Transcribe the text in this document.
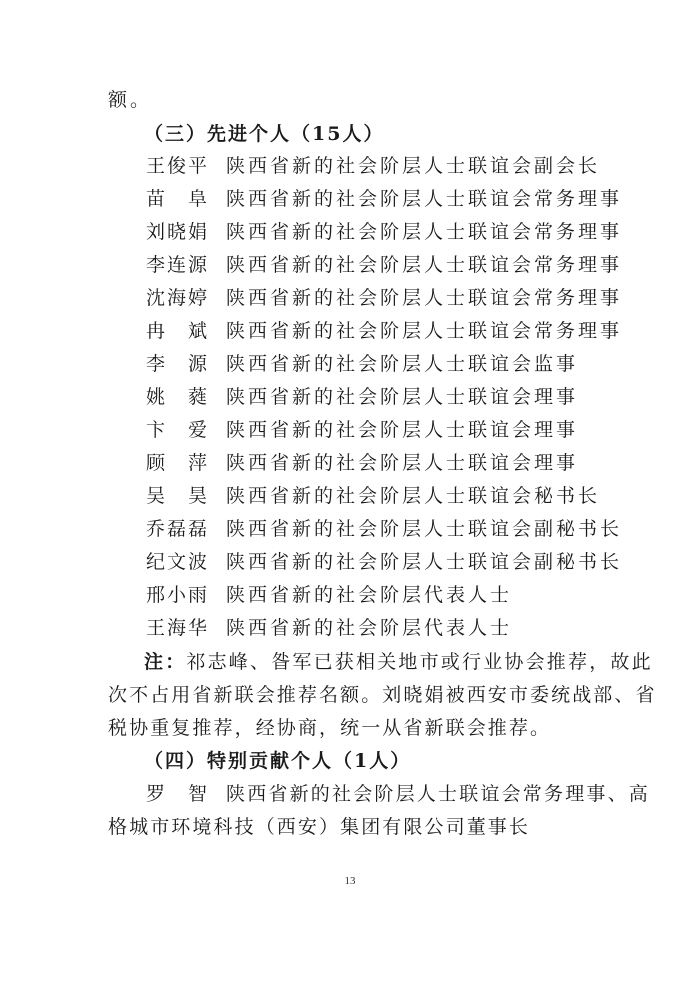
额。
（三）先进个人（15人）
王俊平 陕西省新的社会阶层人士联谊会副会长
苗　阜 陕西省新的社会阶层人士联谊会常务理事
刘晓娟 陕西省新的社会阶层人士联谊会常务理事
李连源 陕西省新的社会阶层人士联谊会常务理事
沈海婷 陕西省新的社会阶层人士联谊会常务理事
冉　斌 陕西省新的社会阶层人士联谊会常务理事
李　源 陕西省新的社会阶层人士联谊会监事
姚　蕤 陕西省新的社会阶层人士联谊会理事
卞　爱 陕西省新的社会阶层人士联谊会理事
顾　萍 陕西省新的社会阶层人士联谊会理事
吴　昊 陕西省新的社会阶层人士联谊会秘书长
乔磊磊 陕西省新的社会阶层人士联谊会副秘书长
纪文波 陕西省新的社会阶层人士联谊会副秘书长
邢小雨 陕西省新的社会阶层代表人士
王海华 陕西省新的社会阶层代表人士
注：祁志峰、昝军已获相关地市或行业协会推荐，故此
次不占用省新联会推荐名额。刘晓娟被西安市委统战部、省
税协重复推荐，经协商，统一从省新联会推荐。
（四）特别贡献个人（1人）
罗　智 陕西省新的社会阶层人士联谊会常务理事、高
格城市环境科技（西安）集团有限公司董事长
13
